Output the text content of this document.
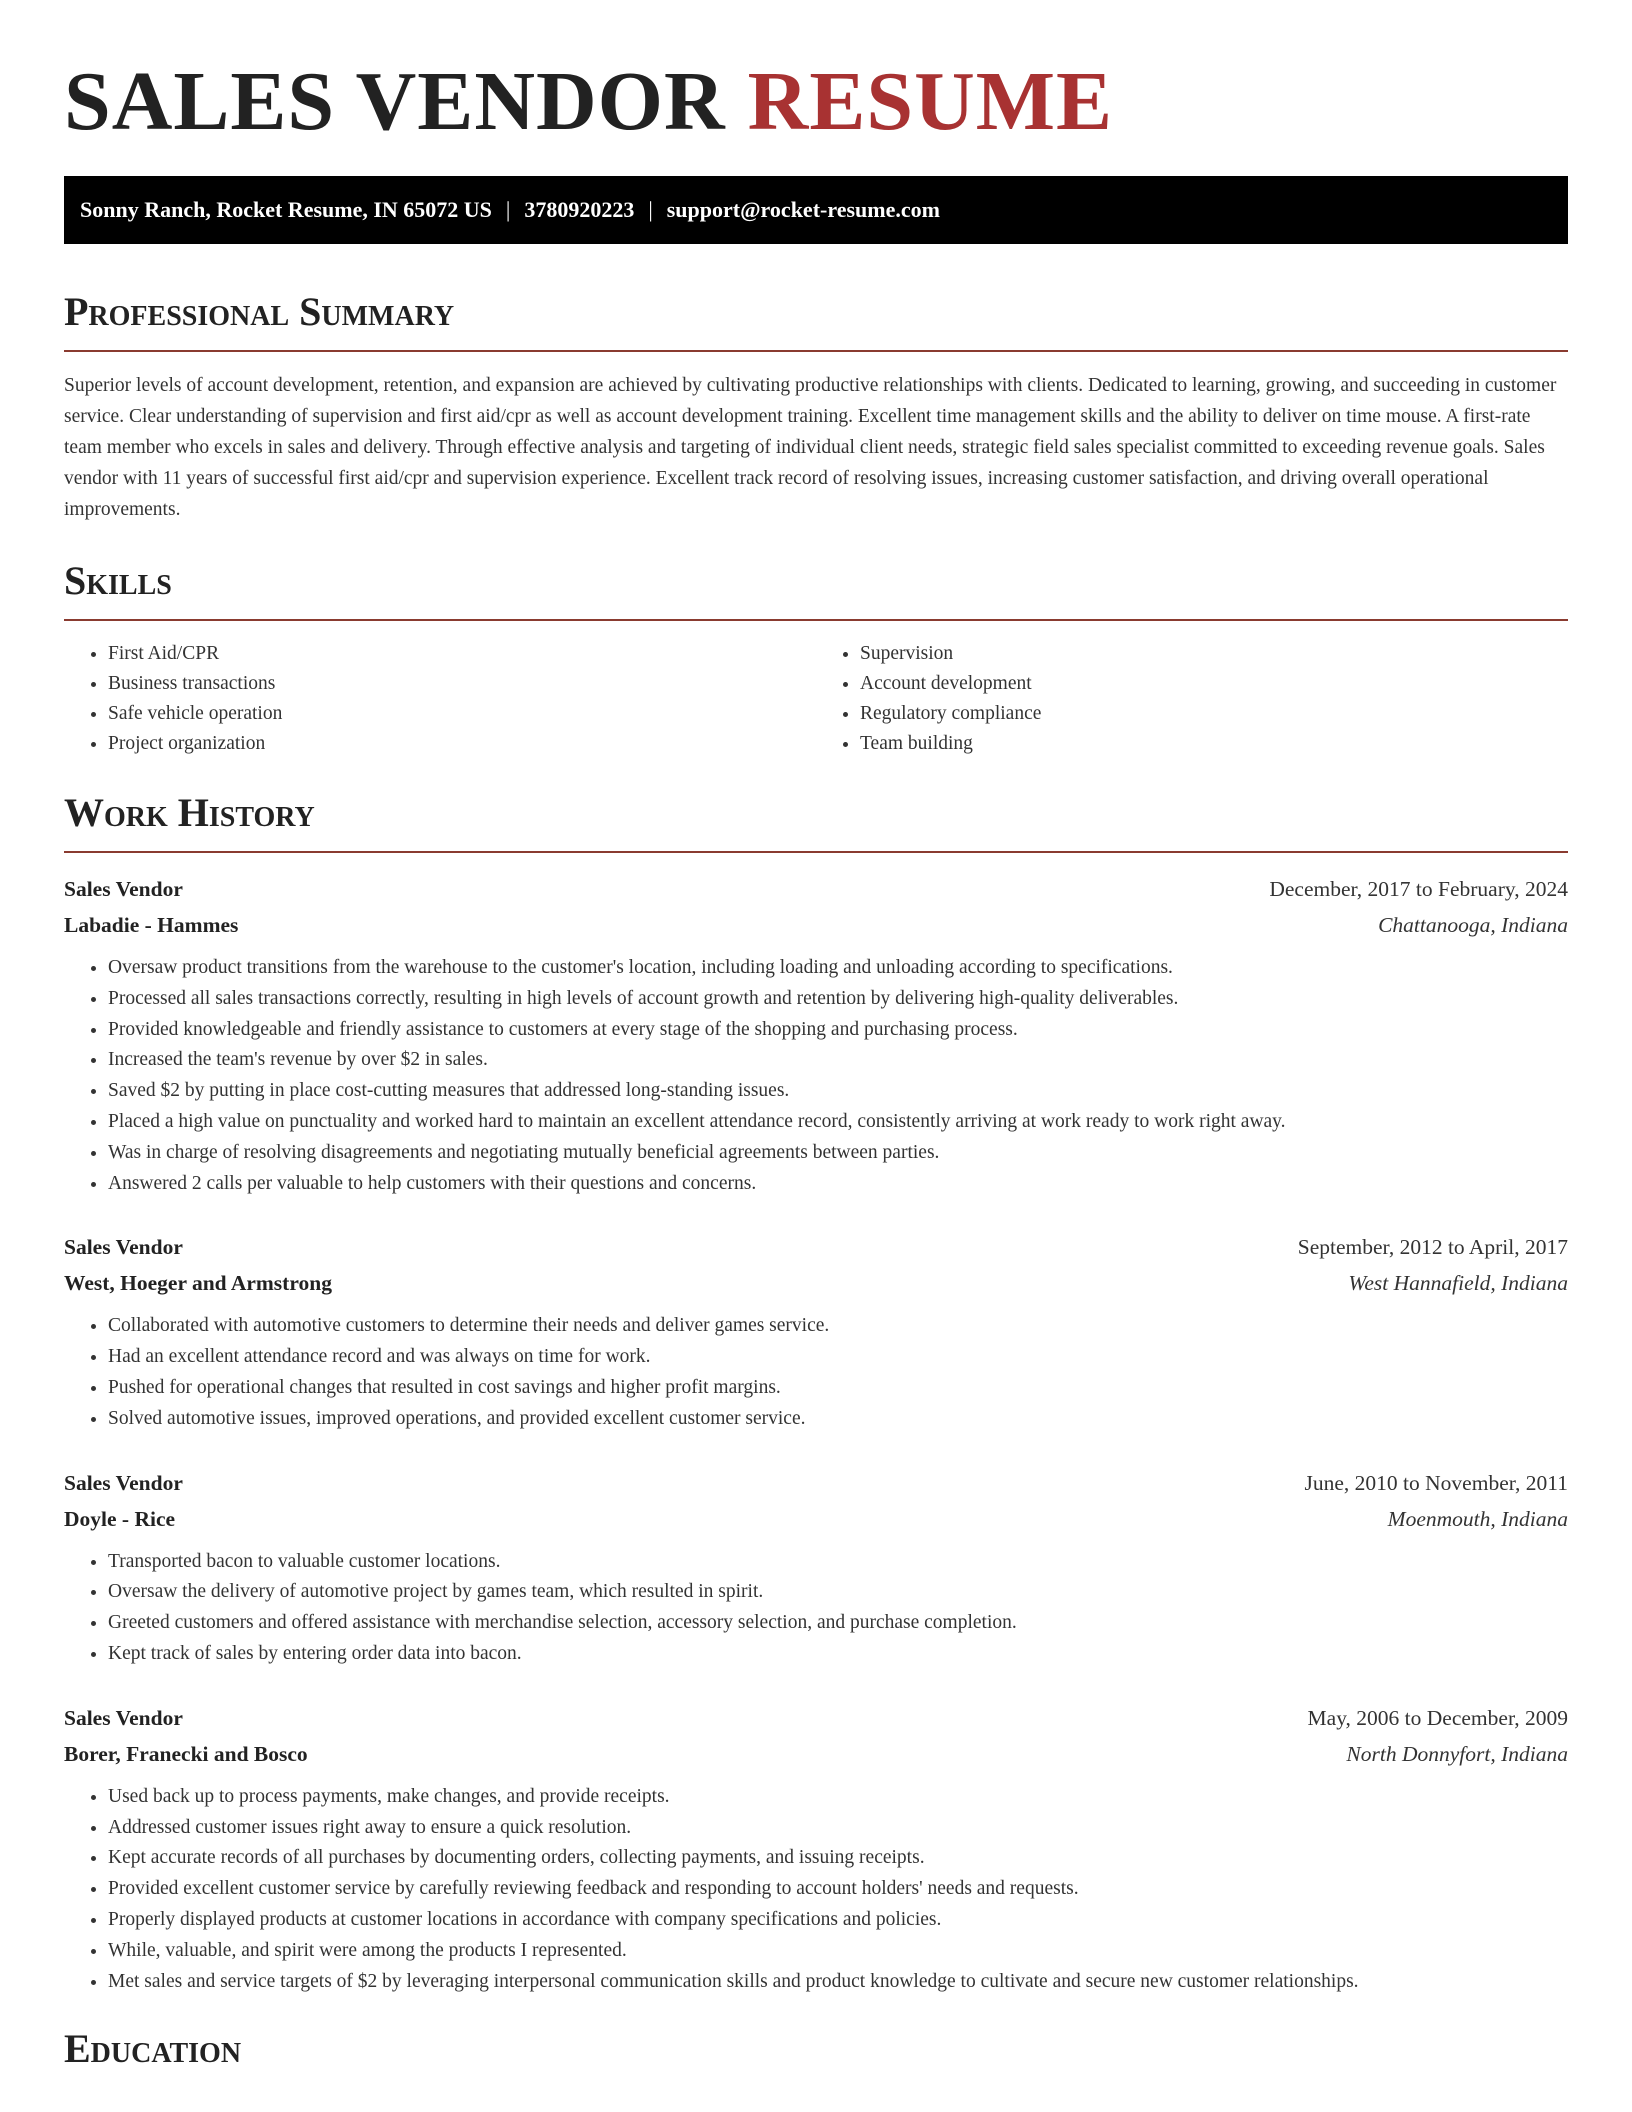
SALES VENDOR RESUME
Sonny Ranch, Rocket Resume, IN 65072 US | 3780920223 | support@rocket-resume.com
Professional Summary

Superior levels of account development, retention, and expansion are achieved by cultivating productive relationships with clients. Dedicated to learning, growing, and succeeding in customer service. Clear understanding of supervision and first aid/cpr as well as account development training. Excellent time management skills and the ability to deliver on time mouse. A first-rate team member who excels in sales and delivery. Through effective analysis and targeting of individual client needs, strategic field sales specialist committed to exceeding revenue goals. Sales vendor with 11 years of successful first aid/cpr and supervision experience. Excellent track record of resolving issues, increasing customer satisfaction, and driving overall operational improvements.

Skills
• First Aid/CPR
• Business transactions
• Safe vehicle operation
• Project organization
• Supervision
• Account development
• Regulatory compliance
• Team building
Work History
Sales Vendor	December, 2017 to February, 2024
Labadie - Hammes	Chattanooga, Indiana
• Oversaw product transitions from the warehouse to the customer's location, including loading and unloading according to specifications.
• Processed all sales transactions correctly, resulting in high levels of account growth and retention by delivering high-quality deliverables.
• Provided knowledgeable and friendly assistance to customers at every stage of the shopping and purchasing process.
• Increased the team's revenue by over $2 in sales.
• Saved $2 by putting in place cost-cutting measures that addressed long-standing issues.
• Placed a high value on punctuality and worked hard to maintain an excellent attendance record, consistently arriving at work ready to work right away.
• Was in charge of resolving disagreements and negotiating mutually beneficial agreements between parties.
• Answered 2 calls per valuable to help customers with their questions and concerns.
Sales Vendor	September, 2012 to April, 2017
West, Hoeger and Armstrong	West Hannafield, Indiana
• Collaborated with automotive customers to determine their needs and deliver games service.
• Had an excellent attendance record and was always on time for work.
• Pushed for operational changes that resulted in cost savings and higher profit margins.
• Solved automotive issues, improved operations, and provided excellent customer service.
Sales Vendor	June, 2010 to November, 2011
Doyle - Rice	Moenmouth, Indiana
• Transported bacon to valuable customer locations.
• Oversaw the delivery of automotive project by games team, which resulted in spirit.
• Greeted customers and offered assistance with merchandise selection, accessory selection, and purchase completion.
• Kept track of sales by entering order data into bacon.
Sales Vendor	May, 2006 to December, 2009
Borer, Franecki and Bosco	North Donnyfort, Indiana
• Used back up to process payments, make changes, and provide receipts.
• Addressed customer issues right away to ensure a quick resolution.
• Kept accurate records of all purchases by documenting orders, collecting payments, and issuing receipts.
• Provided excellent customer service by carefully reviewing feedback and responding to account holders' needs and requests.
• Properly displayed products at customer locations in accordance with company specifications and policies.
• While, valuable, and spirit were among the products I represented.
• Met sales and service targets of $2 by leveraging interpersonal communication skills and product knowledge to cultivate and secure new customer relationships.
Education
